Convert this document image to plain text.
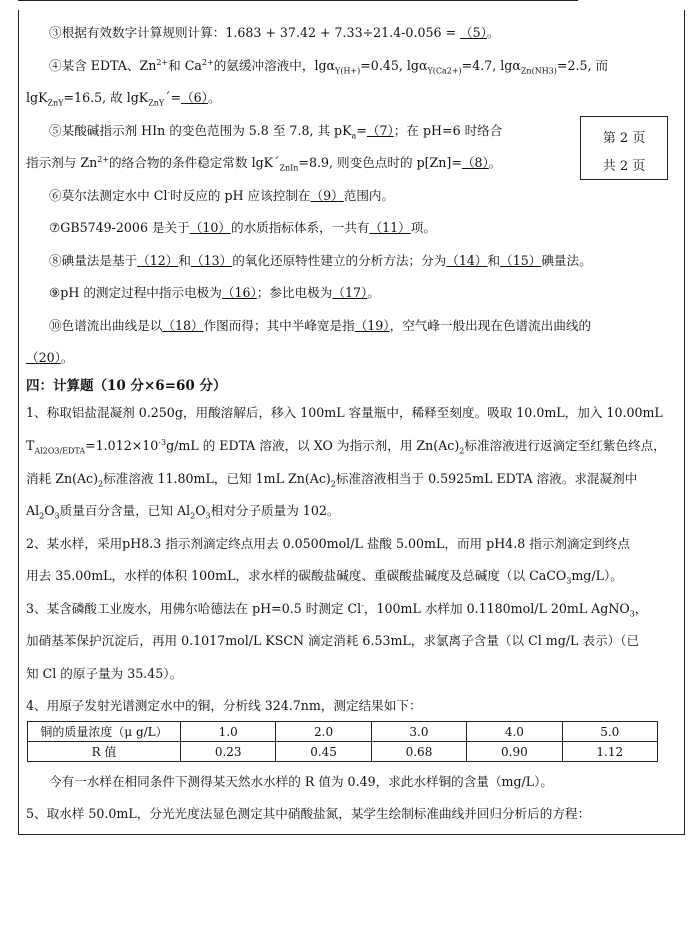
③根据有效数字计算规则计算：1.683 + 37.42 + 7.33÷21.4-0.056 = （5）。
④某含 EDTA、$Zn^{2+}$和 $Ca^{2+}$的氨缓冲溶液中，lgα$_{Y(H+)}$=0.45, lgα$_{Y(Ca2+)}$=4.7, lgα$_{Zn(NH3)}$=2.5, 而
lgK$_{ZnY}$=16.5, 故 lgK$_{ZnY}$´=（6）。
⑤某酸碱指示剂 HIn 的变色范围为 5.8 至 7.8, 其 $pK_a=(7)$；在 pH=6 时络合
指示剂与 $Zn^{2+}$的络合物的条件稳定常数 $\lg K´_{ZnIn}=8.9$, 则变色点时的 p[Zn]=（8）。
第 2 页
共 2 页
⑥莫尔法测定水中 Cl-时反应的 pH 应该控制在（9）范围内。
⑦GB5749-2006 是关于（10）的水质指标体系，一共有（11）项。
⑧碘量法是基于（12）和（13）的氧化还原特性建立的分析方法；分为（14）和（15）碘量法。
⑨pH 的测定过程中指示电极为（16）；参比电极为（17）。
⑩色谱流出曲线是以（18）作图而得；其中半峰宽是指（19），空气峰一般出现在色谱流出曲线的
（20）。
四：计算题（10 分×6=60 分）
1、称取铝盐混凝剂 0.250g，用酸溶解后，移入 100mL 容量瓶中，稀释至刻度。吸取 10.0mL，加入 10.00mL
$T_{Al2O3/EDTA}=1.012\times 10^{-3}g/mL$ 的 EDTA 溶液，以 XO 为指示剂，用 $Zn(Ac)_2$标准溶液进行返滴定至红紫色终点，
消耗 $Zn(Ac)_2$标准溶液 11.80mL，已知 1mL $Zn(Ac)_2$标准溶液相当于 0.5925mL EDTA 溶液。求混凝剂中
$Al_2O_3$质量百分含量，已知 $Al_2O_3$相对分子质量为 102。
2、某水样，采用pH8.3 指示剂滴定终点用去 0.0500mol/L 盐酸 5.00mL，而用 pH4.8 指示剂滴定到终点
用去 35.00mL，水样的体积 100mL，求水样的碳酸盐碱度、重碳酸盐碱度及总碱度（以 CaCO$_3$mg/L）。
3、某含磷酸工业废水，用佛尔哈德法在 pH=0.5 时测定 Cl-，100mL 水样加 0.1180mol/L 20mL AgNO$_3$，
加硝基苯保护沉淀后，再用 0.1017mol/L KSCN 滴定消耗 6.53mL，求氯离子含量（以 Cl mg/L 表示）（已
知 Cl 的原子量为 35.45）。
4、用原子发射光谱测定水中的铜，分析线 324.7nm，测定结果如下：
铜的质量浓度（μ g/L）	1.0	2.0	3.0	4.0	5.0
R 值	0.23	0.45	0.68	0.90	1.12
今有一水样在相同条件下测得某天然水水样的 R 值为 0.49，求此水样铜的含量（mg/L）。
5、取水样 50.0mL，分光光度法显色测定其中硝酸盐氮，某学生绘制标准曲线并回归分析后的方程：
